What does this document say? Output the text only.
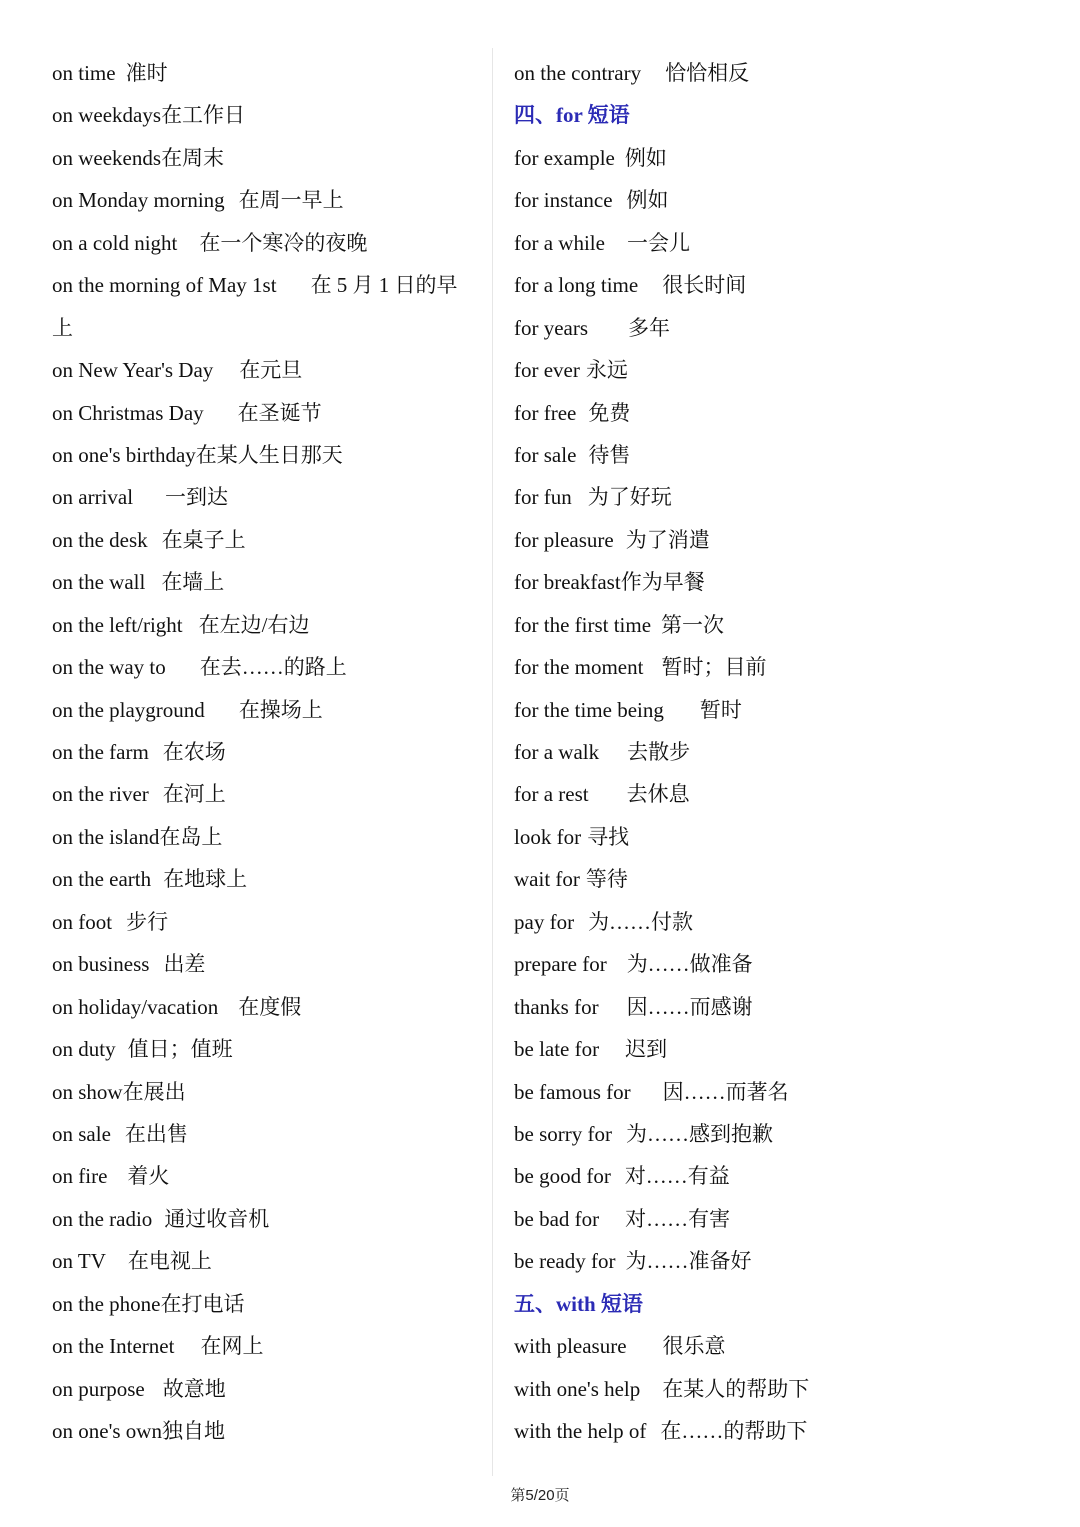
on time 准时
on weekdays在工作日
on weekends在周末
on Monday morning 在周一早上
on a cold night 在一个寒冷的夜晚
on the morning of May 1st 在 5 月 1 日的早
上
on New Year's Day 在元旦
on Christmas Day 在圣诞节
on one's birthday在某人生日那天
on arrival 一到达
on the desk 在桌子上
on the wall 在墙上
on the left/right 在左边/右边
on the way to 在去……的路上
on the playground 在操场上
on the farm 在农场
on the river 在河上
on the island在岛上
on the earth 在地球上
on foot 步行
on business 出差
on holiday/vacation 在度假
on duty 值日；值班
on show在展出
on sale 在出售
on fire 着火
on the radio 通过收音机
on TV 在电视上
on the phone在打电话
on the Internet 在网上
on purpose 故意地
on one's own独自地
on the contrary 恰恰相反
四、for 短语
for example 例如
for instance 例如
for a while 一会儿
for a long time 很长时间
for years 多年
for ever 永远
for free 免费
for sale 待售
for fun 为了好玩
for pleasure 为了消遣
for breakfast作为早餐
for the first time 第一次
for the moment 暂时；目前
for the time being 暂时
for a walk 去散步
for a rest 去休息
look for 寻找
wait for 等待
pay for 为……付款
prepare for 为……做准备
thanks for 因……而感谢
be late for 迟到
be famous for 因……而著名
be sorry for 为……感到抱歉
be good for 对……有益
be bad for 对……有害
be ready for 为……准备好
五、with 短语
with pleasure 很乐意
with one's help 在某人的帮助下
with the help of 在……的帮助下
第5/20页
